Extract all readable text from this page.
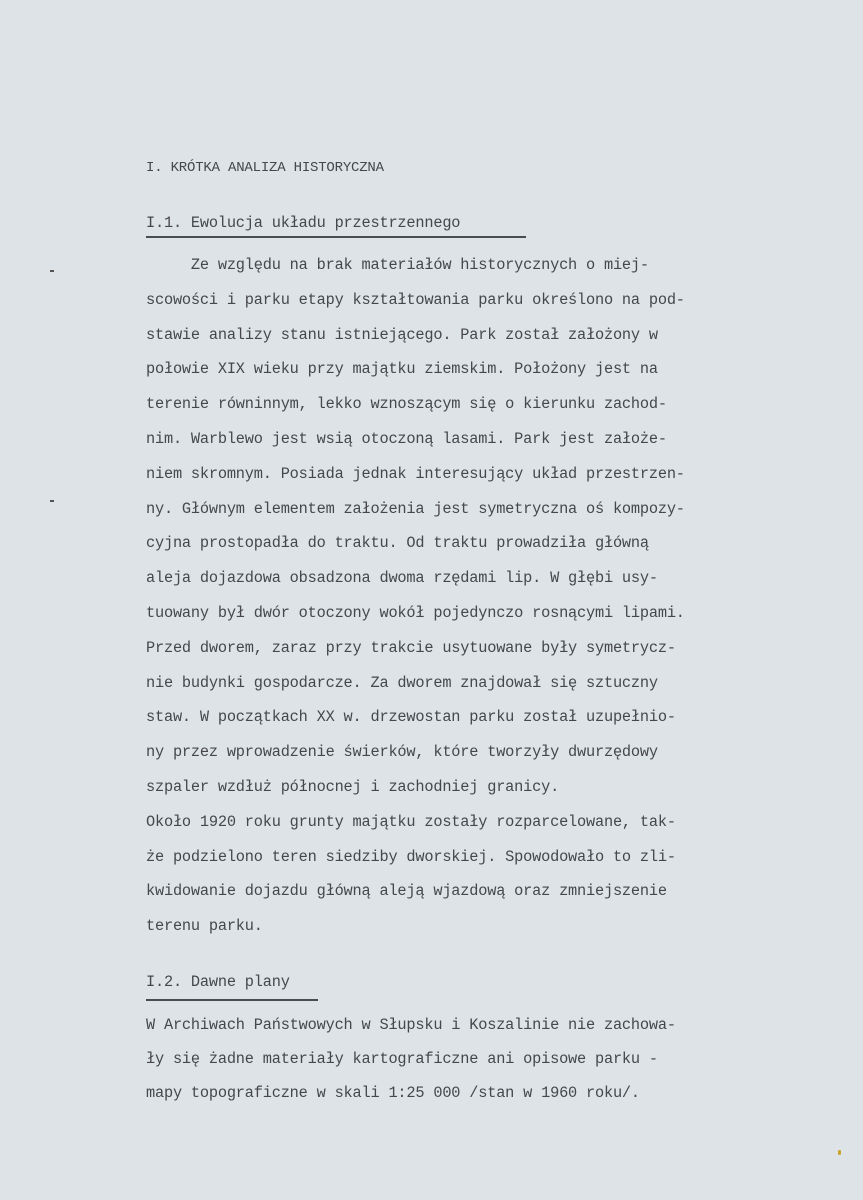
I. KRÓTKA ANALIZA HISTORYCZNA
I.1. Ewolucja układu przestrzennego
Ze względu na brak materiałów historycznych o miej-
scowości i parku etapy kształtowania parku określono na pod-
stawie analizy stanu istniejącego. Park został założony w
połowie XIX wieku przy majątku ziemskim. Położony jest na
terenie równinnym, lekko wznoszącym się o kierunku zachod-
nim. Warblewo jest wsią otoczoną lasami. Park jest założe-
niem skromnym. Posiada jednak interesujący układ przestrzen-
ny. Głównym elementem założenia jest symetryczna oś kompozy-
cyjna prostopadła do traktu. Od traktu prowadziła główną
aleja dojazdowa obsadzona dwoma rzędami lip. W głębi usy-
tuowany był dwór otoczony wokół pojedynczo rosnącymi lipami.
Przed dworem, zaraz przy trakcie usytuowane były symetrycz-
nie budynki gospodarcze. Za dworem znajdował się sztuczny
staw. W początkach XX w. drzewostan parku został uzupełnio-
ny przez wprowadzenie świerków, które tworzyły dwurzędowy
szpaler wzdłuż północnej i zachodniej granicy.
Około 1920 roku grunty majątku zostały rozparcelowane, tak-
że podzielono teren siedziby dworskiej. Spowodowało to zli-
kwidowanie dojazdu główną aleją wjazdową oraz zmniejszenie
terenu parku.
I.2. Dawne plany
W Archiwach Państwowych w Słupsku i Koszalinie nie zachowa-
ły się żadne materiały kartograficzne ani opisowe parku -
mapy topograficzne w skali 1:25 000 /stan w 1960 roku/.
